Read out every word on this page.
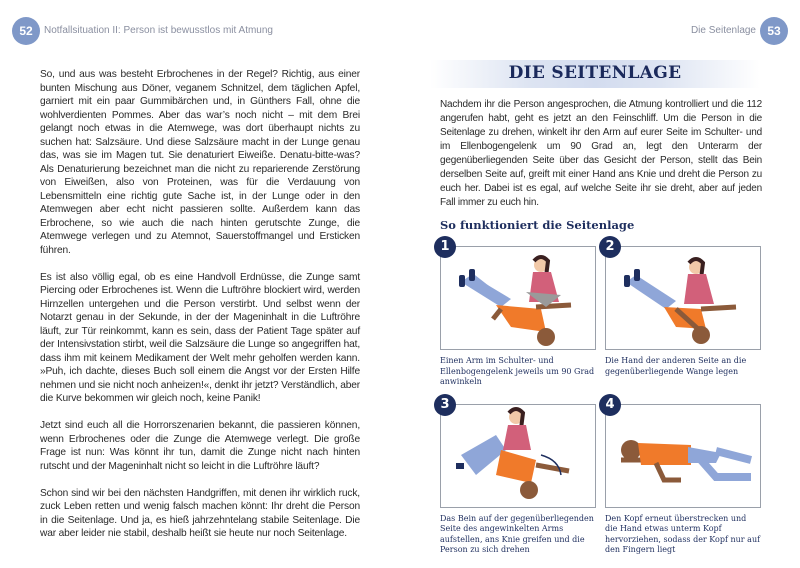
52	Notfallsituation II: Person ist bewusstlos mit Atmung

So, und aus was besteht Erbrochenes in der Regel? Richtig, aus einer bunten Mischung aus Döner, veganem Schnitzel, dem täglichen Apfel, garniert mit ein paar Gummibärchen und, in Günthers Fall, ohne die wohlverdienten Pommes. Aber das war’s noch nicht – mit dem Brei gelangt noch etwas in die Atemwege, was dort überhaupt nichts zu suchen hat: Salzsäure. Und diese Salzsäure macht in der Lunge genau das, was sie im Magen tut. Sie denaturiert Eiweiße. Denatu-bitte-was? Als Denaturierung bezeichnet man die nicht zu reparierende Zerstörung von Eiweißen, also von Proteinen, was für die Verdauung von Lebensmitteln eine richtig gute Sache ist, in der Lunge oder in den Atemwegen aber echt nicht passieren sollte. Außerdem kann das Erbrochene, so wie auch die nach hinten gerutschte Zunge, die Atemwege verlegen und zu Atemnot, Sauerstoffmangel und Ersticken führen.

Es ist also völlig egal, ob es eine Handvoll Erdnüsse, die Zunge samt Piercing oder Erbrochenes ist. Wenn die Luftröhre blockiert wird, werden Hirnzellen untergehen und die Person verstirbt. Und selbst wenn der Notarzt genau in der Sekunde, in der der Mageninhalt in die Luftröhre läuft, zur Tür reinkommt, kann es sein, dass der Patient Tage später auf der Intensivstation stirbt, weil die Salzsäure die Lunge so angegriffen hat, dass ihm mit keinem Medikament der Welt mehr geholfen werden kann. »Puh, ich dachte, dieses Buch soll einem die Angst vor der Ersten Hilfe nehmen und sie nicht noch anheizen!«, denkt ihr jetzt? Verständlich, aber die Kurve bekommen wir gleich noch, keine Panik!

Jetzt sind euch all die Horrorszenarien bekannt, die passieren können, wenn Erbrochenes oder die Zunge die Atemwege verlegt. Die große Frage ist nun: Was könnt ihr tun, damit die Zunge nicht nach hinten rutscht und der Mageninhalt nicht so leicht in die Luftröhre läuft?

Schon sind wir bei den nächsten Handgriffen, mit denen ihr wirklich ruck, zuck Leben retten und wenig falsch machen könnt: Ihr dreht die Person in die Seitenlage. Und ja, es hieß jahrzehntelang stabile Seitenlage. Die war aber leider nie stabil, deshalb heißt sie heute nur noch Seitenlage.

Die Seitenlage 53
DIE SEITENLAGE
Nachdem ihr die Person angesprochen, die Atmung kontrolliert und die 112 angerufen habt, geht es jetzt an den Feinschliff. Um die Person in die Seitenlage zu drehen, winkelt ihr den Arm auf eurer Seite im Schulter- und im Ellenbogengelenk um 90 Grad an, legt den Unterarm der gegenüberliegenden Seite über das Gesicht der Person, stellt das Bein derselben Seite auf, greift mit einer Hand ans Knie und dreht die Person zu euch her. Dabei ist es egal, auf welche Seite ihr sie dreht, aber auf jeden Fall immer zu euch hin.
So funktioniert die Seitenlage
1
Einen Arm im Schulter- und Ellenbogengelenk jeweils um 90 Grad anwinkeln
2
Die Hand der anderen Seite an die gegenüberliegende Wange legen
3
Das Bein auf der gegenüberliegenden Seite des angewinkelten Arms aufstellen, ans Knie greifen und die Person zu sich drehen
4
Den Kopf erneut überstrecken und die Hand etwas unterm Kopf hervorziehen, sodass der Kopf nur auf den Fingern liegt
